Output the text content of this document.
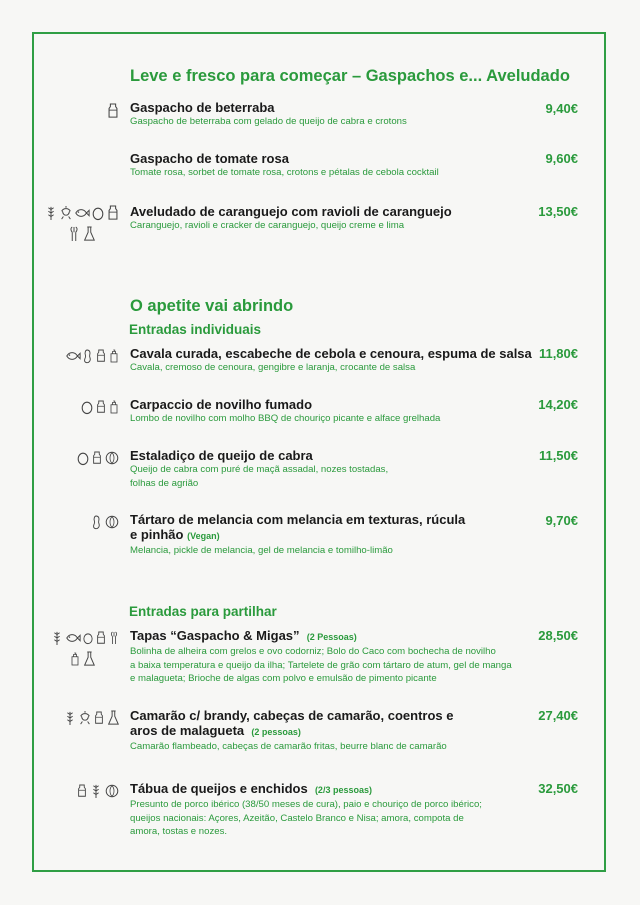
Leve e fresco para começar – Gaspachos e... Aveludado
Gaspacho de beterraba
Gaspacho de beterraba com gelado de queijo de cabra e crotons
9,40€
Gaspacho de tomate rosa
Tomate rosa, sorbet de tomate rosa, crotons e pétalas de cebola cocktail
9,60€
Aveludado de caranguejo com ravioli de caranguejo
Caranguejo, ravioli e cracker de caranguejo, queijo creme e lima
13,50€
O apetite vai abrindo
Entradas individuais
Cavala curada, escabeche de cebola e cenoura, espuma de salsa
Cavala, cremoso de cenoura, gengibre e laranja, crocante de salsa
11,80€
Carpaccio de novilho fumado
Lombo de novilho com molho BBQ de chouriço picante e alface grelhada
14,20€
Estaladiço de queijo de cabra
Queijo de cabra com puré de maçã assadal, nozes tostadas,
folhas de agrião
11,50€
Tártaro de melancia com melancia em texturas, rúcula
e pinhão (Vegan)
Melancia, pickle de melancia, gel de melancia e tomilho-limão
9,70€
Entradas para partilhar
Tapas “Gaspacho & Migas” (2 Pessoas)
Bolinha de alheira com grelos e ovo codorniz; Bolo do Caco com bochecha de novilho
a baixa temperatura e queijo da ilha; Tartelete de grão com tártaro de atum, gel de manga
e malagueta; Brioche de algas com polvo e emulsão de pimento picante
28,50€
Camarão c/ brandy, cabeças de camarão, coentros e
aros de malagueta (2 pessoas)
Camarão flambeado, cabeças de camarão fritas, beurre blanc de camarão
27,40€
Tábua de queijos e enchidos (2/3 pessoas)
Presunto de porco ibérico (38/50 meses de cura), paio e chouriço de porco ibérico;
queijos nacionais: Açores, Azeitão, Castelo Branco e Nisa; amora, compota de
amora, tostas e nozes.
32,50€
